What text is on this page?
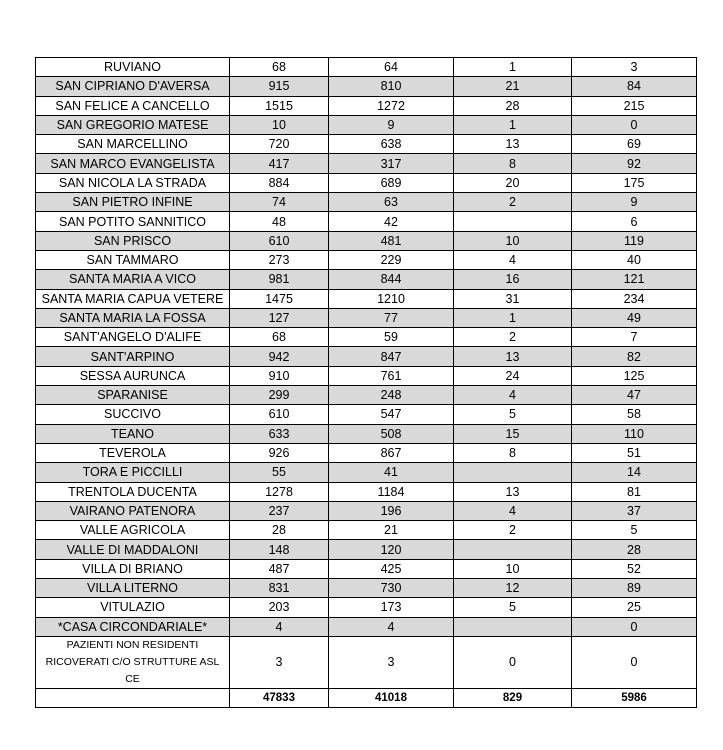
RUVIANO	68	64	1	3
SAN CIPRIANO D'AVERSA	915	810	21	84
SAN FELICE A CANCELLO	1515	1272	28	215
SAN GREGORIO MATESE	10	9	1	0
SAN MARCELLINO	720	638	13	69
SAN MARCO EVANGELISTA	417	317	8	92
SAN NICOLA LA STRADA	884	689	20	175
SAN PIETRO INFINE	74	63	2	9
SAN POTITO SANNITICO	48	42		6
SAN PRISCO	610	481	10	119
SAN TAMMARO	273	229	4	40
SANTA MARIA A VICO	981	844	16	121
SANTA MARIA CAPUA VETERE	1475	1210	31	234
SANTA MARIA LA FOSSA	127	77	1	49
SANT'ANGELO D'ALIFE	68	59	2	7
SANT'ARPINO	942	847	13	82
SESSA AURUNCA	910	761	24	125
SPARANISE	299	248	4	47
SUCCIVO	610	547	5	58
TEANO	633	508	15	110
TEVEROLA	926	867	8	51
TORA E PICCILLI	55	41		14
TRENTOLA DUCENTA	1278	1184	13	81
VAIRANO PATENORA	237	196	4	37
VALLE AGRICOLA	28	21	2	5
VALLE DI MADDALONI	148	120		28
VILLA DI BRIANO	487	425	10	52
VILLA LITERNO	831	730	12	89
VITULAZIO	203	173	5	25
*CASA CIRCONDARIALE*	4	4		0
PAZIENTI NON RESIDENTI RICOVERATI C/O STRUTTURE ASL CE	3	3	0	0
	47833	41018	829	5986
